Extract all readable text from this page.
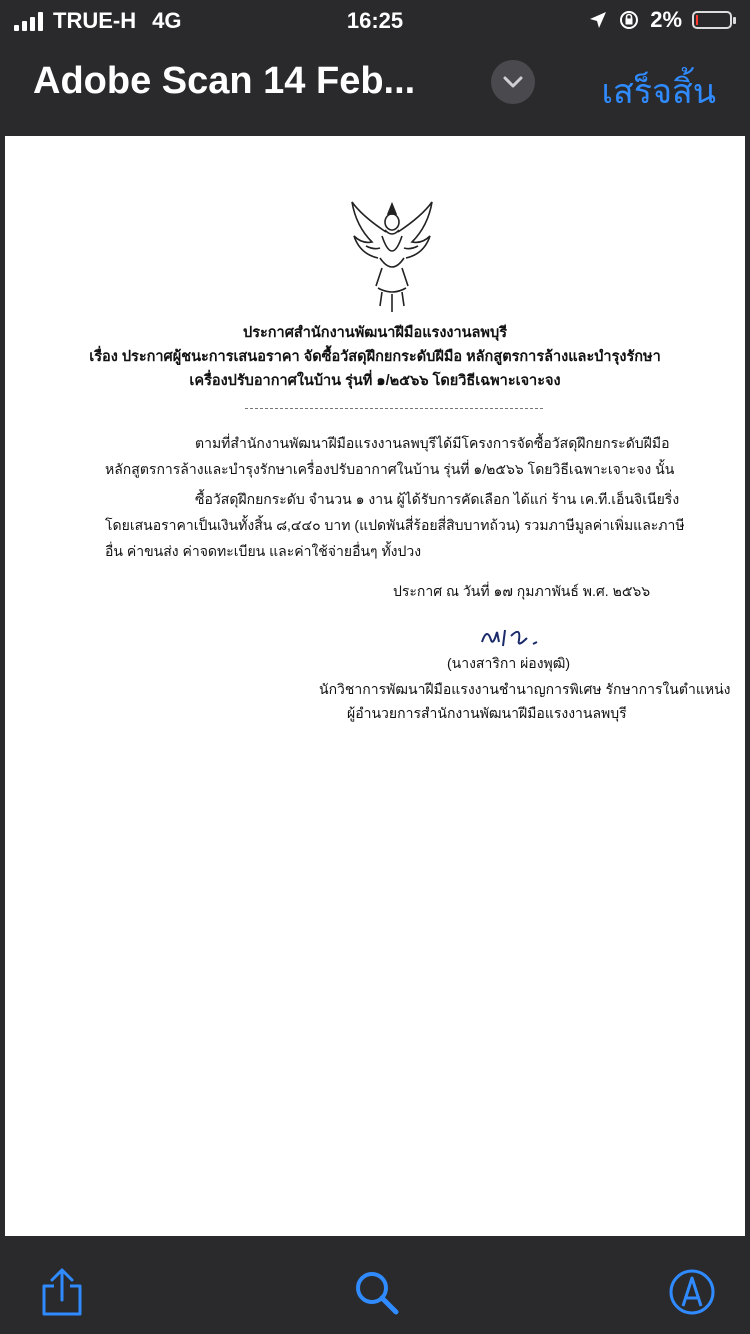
TRUE-H 4G	16:25	2%
Adobe Scan 14 Feb...	เสร็จสิ้น
ประกาศสำนักงานพัฒนาฝีมือแรงงานลพบุรี
เรื่อง ประกาศผู้ชนะการเสนอราคา จัดซื้อวัสดุฝึกยกระดับฝีมือ หลักสูตรการล้างและบำรุงรักษา
เครื่องปรับอากาศในบ้าน รุ่นที่ ๑/๒๕๖๖ โดยวิธีเฉพาะเจาะจง

ตามที่สำนักงานพัฒนาฝีมือแรงงานลพบุรีได้มีโครงการจัดซื้อวัสดุฝึกยกระดับฝีมือ หลักสูตรการล้างและบำรุงรักษาเครื่องปรับอากาศในบ้าน รุ่นที่ ๑/๒๕๖๖ โดยวิธีเฉพาะเจาะจง นั้น

ซื้อวัสดุฝึกยกระดับ จำนวน ๑ งาน ผู้ได้รับการคัดเลือก ได้แก่ ร้าน เค.ที.เอ็นจิเนียริ่ง โดยเสนอราคาเป็นเงินทั้งสิ้น ๘,๔๔๐ บาท (แปดพันสี่ร้อยสี่สิบบาทถ้วน) รวมภาษีมูลค่าเพิ่มและภาษีอื่น ค่าขนส่ง ค่าจดทะเบียน และค่าใช้จ่ายอื่นๆ ทั้งปวง

ประกาศ ณ วันที่ ๑๗ กุมภาพันธ์ พ.ศ. ๒๕๖๖
(นางสาริกา ผ่องพุฒิ)
นักวิชาการพัฒนาฝีมือแรงงานชำนาญการพิเศษ รักษาการในตำแหน่ง
ผู้อำนวยการสำนักงานพัฒนาฝีมือแรงงานลพบุรี
